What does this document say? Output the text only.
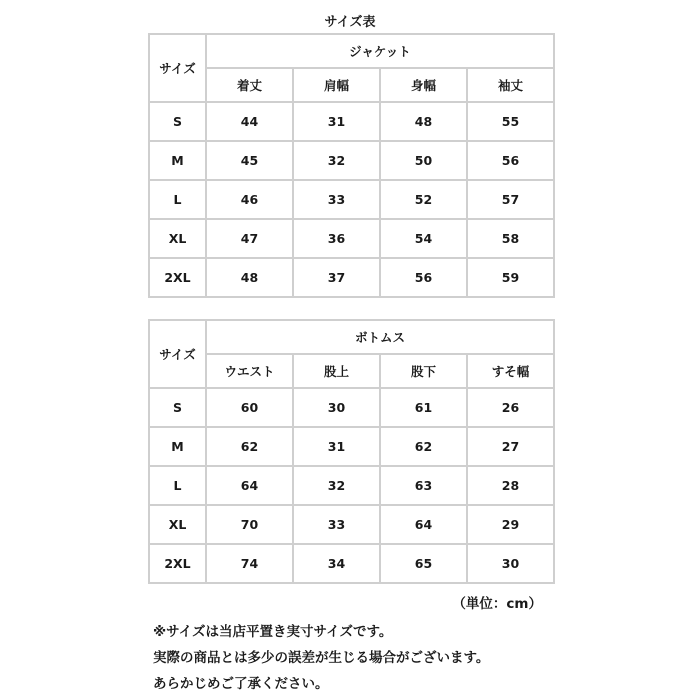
サイズ表
サイズ	ジャケット			
	着丈	肩幅	身幅	袖丈
S	44	31	48	55
M	45	32	50	56
L	46	33	52	57
XL	47	36	54	58
2XL	48	37	56	59
サイズ	ボトムス			
	ウエスト	股上	股下	すそ幅
S	60	30	61	26
M	62	31	62	27
L	64	32	63	28
XL	70	33	64	29
2XL	74	34	65	30
（単位：cm）
※サイズは当店平置き実寸サイズです。
実際の商品とは多少の誤差が生じる場合がございます。
あらかじめご了承ください。
